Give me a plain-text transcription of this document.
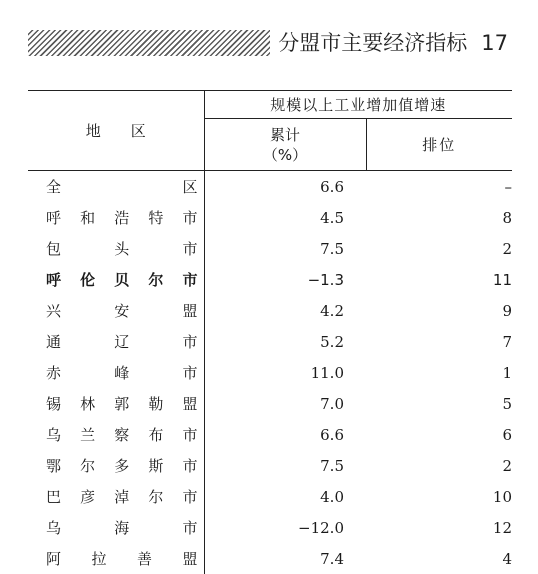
分盟市主要经济指标 17
地区	规模以上工业增加值增速	

	累计
（%）	排位

全 区	6.6	–

呼 和 浩 特 市	4.5	8

包 头 市	7.5	2

呼 伦 贝 尔 市	−1.3	11

兴 安 盟	4.2	9

通 辽 市	5.2	7

赤 峰 市	11.0	1

锡 林 郭 勒 盟	7.0	5

乌 兰 察 布 市	6.6	6

鄂 尔 多 斯 市	7.5	2

巴 彦 淖 尔 市	4.0	10

乌 海 市	−12.0	12

阿 拉 善 盟	7.4	4
